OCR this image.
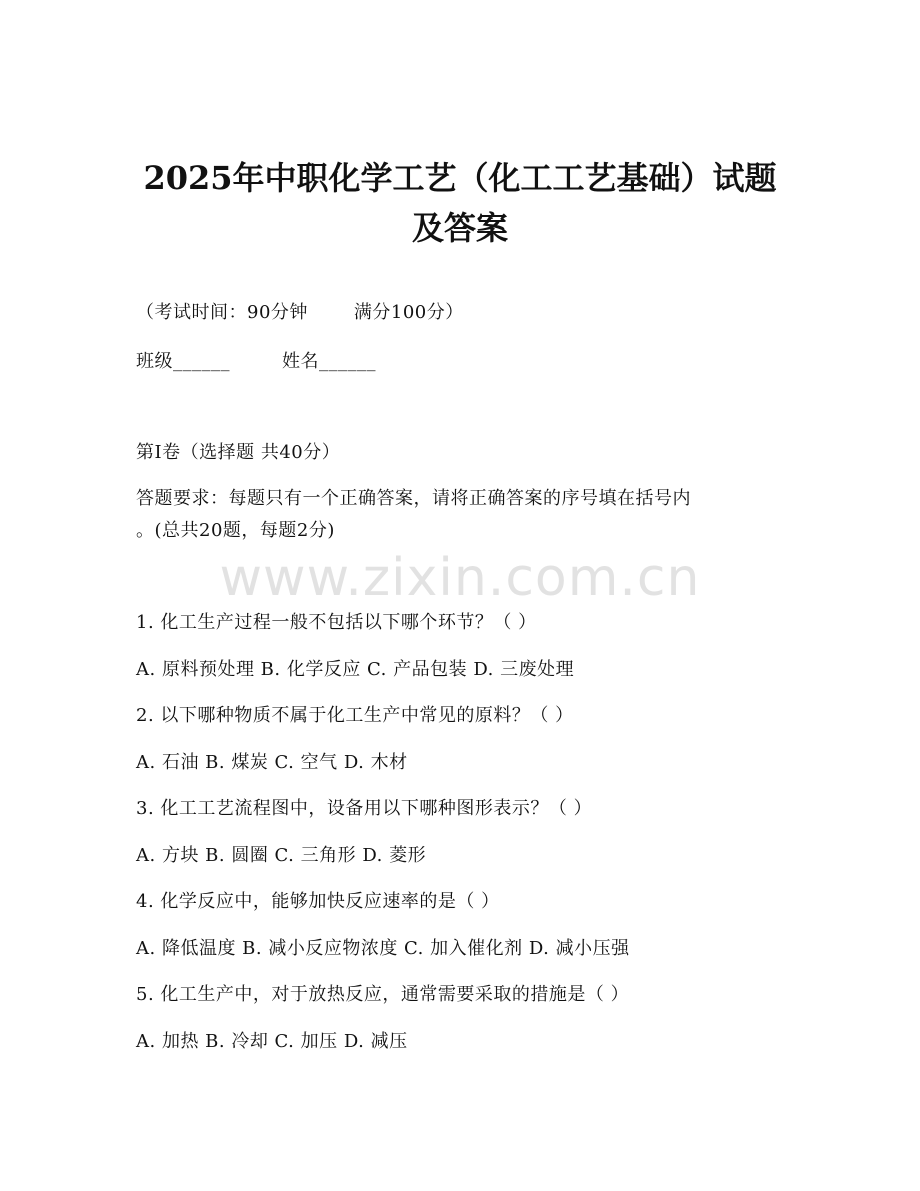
2025年中职化学工艺（化工工艺基础）试题
及答案
（考试时间：90分钟	满分100分）
班级______	姓名______
第I卷（选择题 共40分）
答题要求：每题只有一个正确答案，请将正确答案的序号填在括号内
。(总共20题，每题2分)
www.zixin.com.cn
1. 化工生产过程一般不包括以下哪个环节？（ ）
A. 原料预处理 B. 化学反应 C. 产品包装 D. 三废处理
2. 以下哪种物质不属于化工生产中常见的原料？（ ）
A. 石油 B. 煤炭 C. 空气 D. 木材
3. 化工工艺流程图中，设备用以下哪种图形表示？（ ）
A. 方块 B. 圆圈 C. 三角形 D. 菱形
4. 化学反应中，能够加快反应速率的是（ ）
A. 降低温度 B. 减小反应物浓度 C. 加入催化剂 D. 减小压强
5. 化工生产中，对于放热反应，通常需要采取的措施是（ ）
A. 加热 B. 冷却 C. 加压 D. 减压
